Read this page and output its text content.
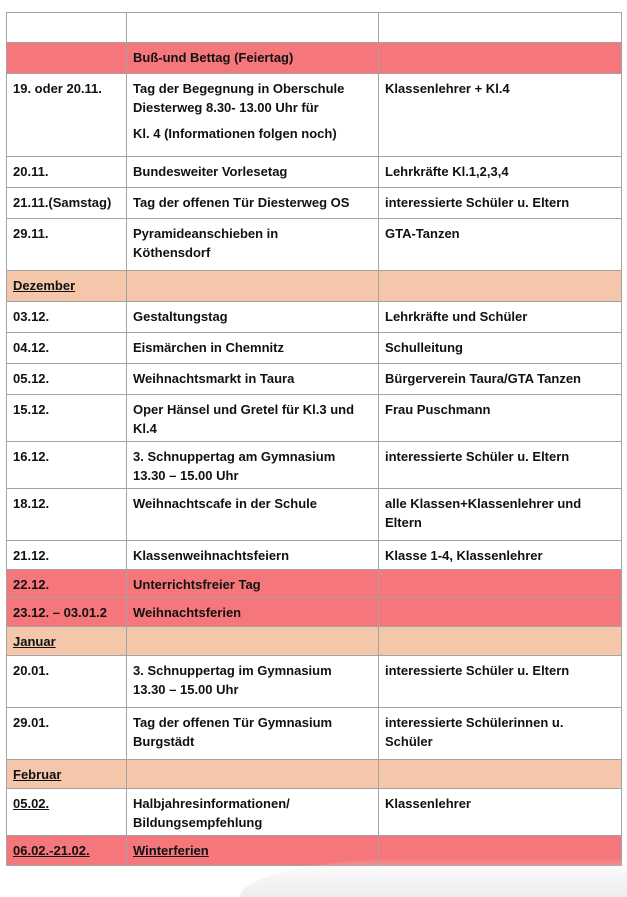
	Buß-und Bettag (Feiertag)	

19. oder 20.11.	Tag der Begegnung in Oberschule
Diesterweg 8.30- 13.00 Uhr für
Kl. 4 (Informationen folgen noch)	Klassenlehrer + Kl.4

20.11.	Bundesweiter Vorlesetag	Lehrkräfte Kl.1,2,3,4

21.11.(Samstag)	Tag der offenen Tür Diesterweg OS	interessierte Schüler u. Eltern

29.11.	Pyramideanschieben in
Köthensdorf	GTA-Tanzen

Dezember		

03.12.	Gestaltungstag	Lehrkräfte und Schüler

04.12.	Eismärchen in Chemnitz	Schulleitung

05.12.	Weihnachtsmarkt in Taura	Bürgerverein Taura/GTA Tanzen

15.12.	Oper Hänsel und Gretel für Kl.3 und
Kl.4	Frau Puschmann

16.12.	3. Schnuppertag am Gymnasium
13.30 – 15.00 Uhr	interessierte Schüler u. Eltern

18.12.	Weihnachtscafe in der Schule	alle Klassen+Klassenlehrer und
Eltern

21.12.	Klassenweihnachtsfeiern	Klasse 1-4, Klassenlehrer

22.12.	Unterrichtsfreier Tag	

23.12. – 03.01.2	Weihnachtsferien	

Januar		

20.01.	3. Schnuppertag im Gymnasium
13.30 – 15.00 Uhr	interessierte Schüler u. Eltern

29.01.	Tag der offenen Tür Gymnasium
Burgstädt	interessierte Schülerinnen u.
Schüler

Februar		

05.02.	Halbjahresinformationen/
Bildungsempfehlung	Klassenlehrer

06.02.-21.02.	Winterferien	
